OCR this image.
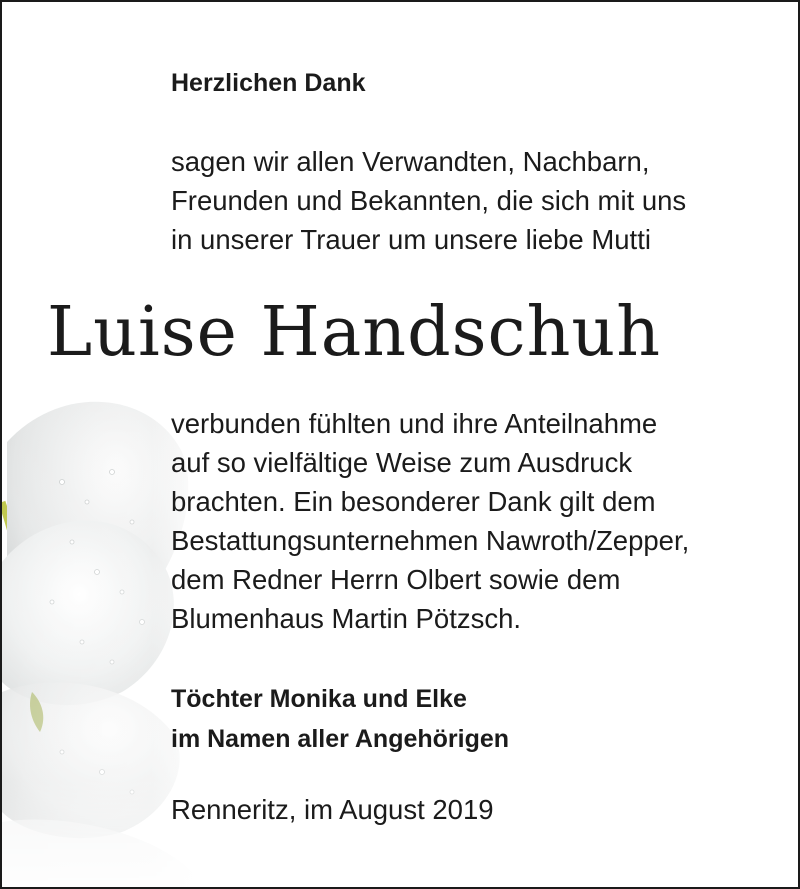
Herzlichen Dank
sagen wir allen Verwandten, Nachbarn,
Freunden und Bekannten, die sich mit uns
in unserer Trauer um unsere liebe Mutti
Luise Handschuh
verbunden fühlten und ihre Anteilnahme
auf so vielfältige Weise zum Ausdruck
brachten. Ein besonderer Dank gilt dem
Bestattungsunternehmen Nawroth/Zepper,
dem Redner Herrn Olbert sowie dem
Blumenhaus Martin Pötzsch.
Töchter Monika und Elke
im Namen aller Angehörigen
Renneritz, im August 2019
